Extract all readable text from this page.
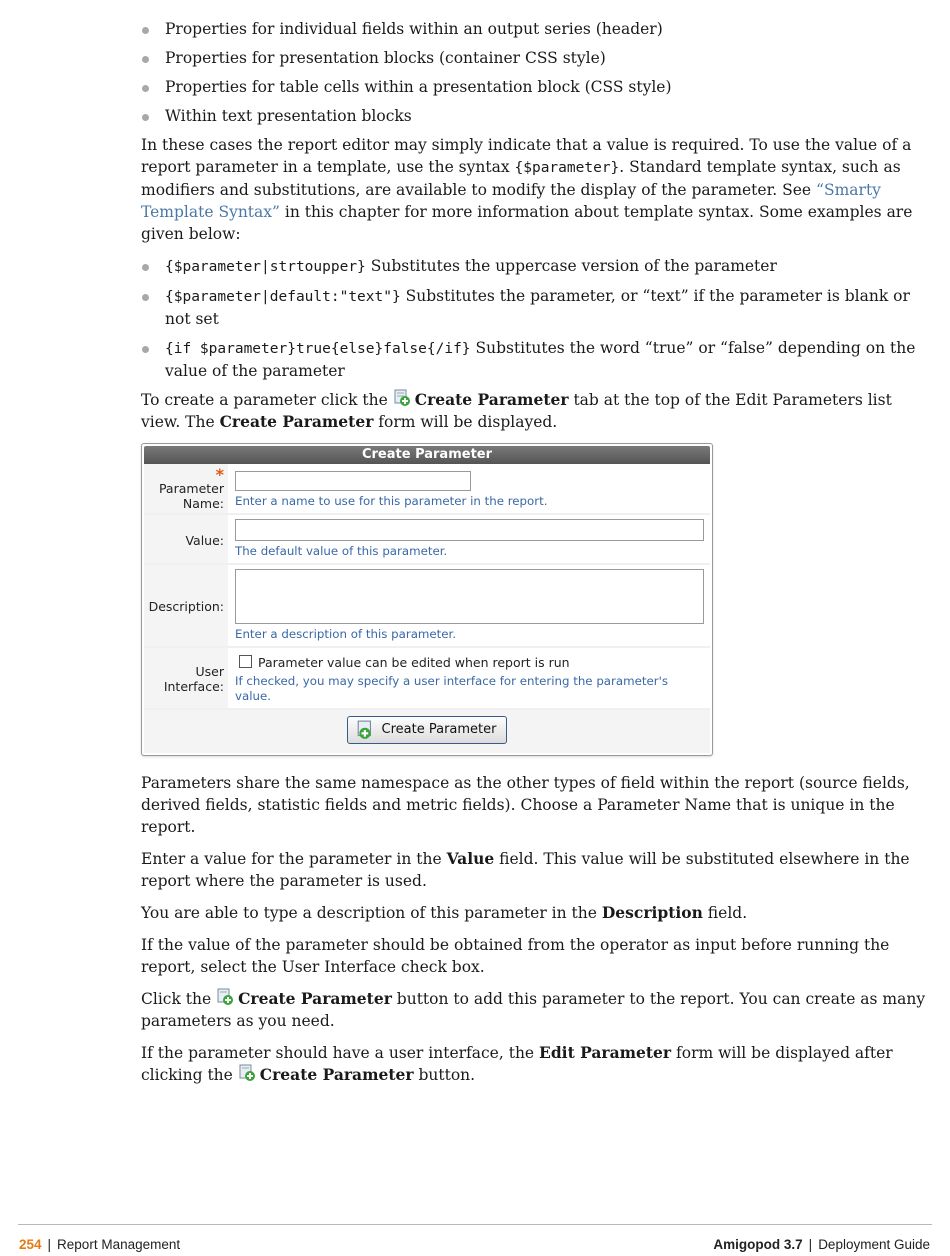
Properties for individual fields within an output series (header)
Properties for presentation blocks (container CSS style)
Properties for table cells within a presentation block (CSS style)
Within text presentation blocks

In these cases the report editor may simply indicate that a value is required. To use the value of a report parameter in a template, use the syntax {$parameter}. Standard template syntax, such as modifiers and substitutions, are available to modify the display of the parameter. See “Smarty Template Syntax” in this chapter for more information about template syntax. Some examples are given below:

{$parameter|strtoupper} Substitutes the uppercase version of the parameter
{$parameter|default:"text"} Substitutes the parameter, or “text” if the parameter is blank or not set
{if $parameter}true{else}false{/if} Substitutes the word “true” or “false” depending on the value of the parameter

To create a parameter click the Create Parameter tab at the top of the Edit Parameters list view. The Create Parameter form will be displayed.

Create Parameter
*
Parameter Name: Enter a name to use for this parameter in the report.
Value:
The default value of this parameter.
Description:
Enter a description of this parameter.
User Interface:
Parameter value can be edited when report is run
If checked, you may specify a user interface for entering the parameter's value.
Create Parameter

Parameters share the same namespace as the other types of field within the report (source fields, derived fields, statistic fields and metric fields). Choose a Parameter Name that is unique in the report.

Enter a value for the parameter in the Value field. This value will be substituted elsewhere in the report where the parameter is used.

You are able to type a description of this parameter in the Description field.

If the value of the parameter should be obtained from the operator as input before running the report, select the User Interface check box.

Click the Create Parameter button to add this parameter to the report. You can create as many parameters as you need.

If the parameter should have a user interface, the Edit Parameter form will be displayed after clicking the Create Parameter button.

254 | Report Management	Amigopod 3.7 | Deployment Guide
